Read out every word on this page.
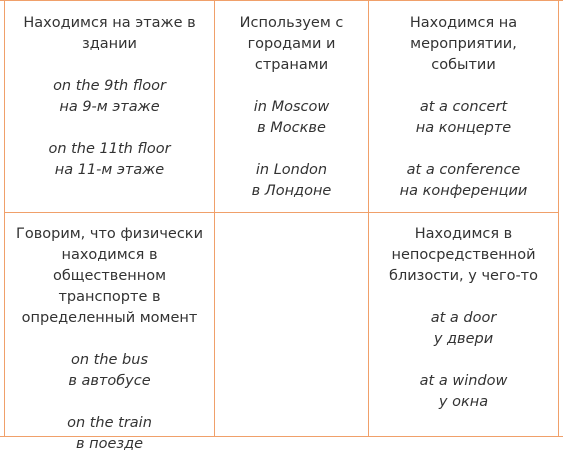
Находимся на этаже в
здании
on the 9th floor
на 9-м этаже
on the 11th floor
на 11-м этаже
Используем с
городами и
странами
in Moscow
в Москве
in London
в Лондоне
Находимся на
мероприятии,
событии
at a concert
на концерте
at a conference
на конференции
Говорим, что физически
находимся в общественном
транспорте в
определенный момент
on the bus
в автобусе
on the train
в поезде
Находимся в
непосредственной
близости, у чего-то
at a door
у двери
at a window
у окна
